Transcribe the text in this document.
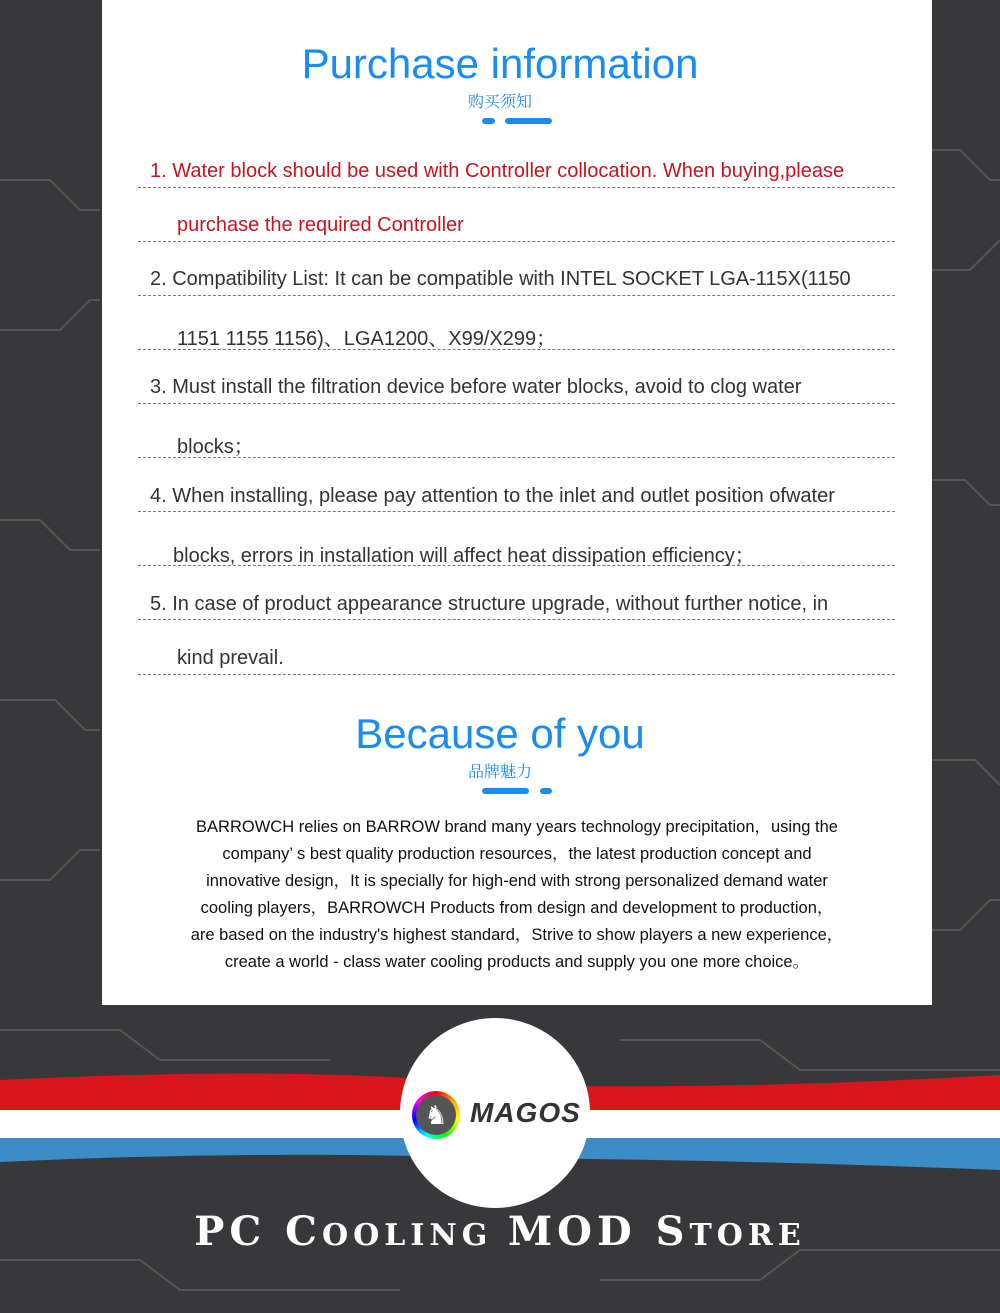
Purchase information
购买须知
1. Water block should be used with Controller collocation. When buying,please
purchase the required Controller
2. Compatibility List: It can be compatible with INTEL SOCKET LGA-115X(1150
1151 1155 1156)、LGA1200、X99/X299；
3. Must install the filtration device before water blocks, avoid to clog water
blocks；
4. When installing, please pay attention to the inlet and outlet position ofwater
blocks, errors in installation will affect heat dissipation efficiency；
5. In case of product appearance structure upgrade, without further notice, in
kind prevail.
Because of you
品牌魅力
BARROWCH relies on BARROW brand many years technology precipitation，using the
company’ s best quality production resources，the latest production concept and
innovative design，It is specially for high-end with strong personalized demand water
cooling players，BARROWCH Products from design and development to production，
are based on the industry's highest standard，Strive to show players a new experience，
create a world - class water cooling products and supply you one more choice。
♞ MAGOS
PC COOLING MOD STORE
